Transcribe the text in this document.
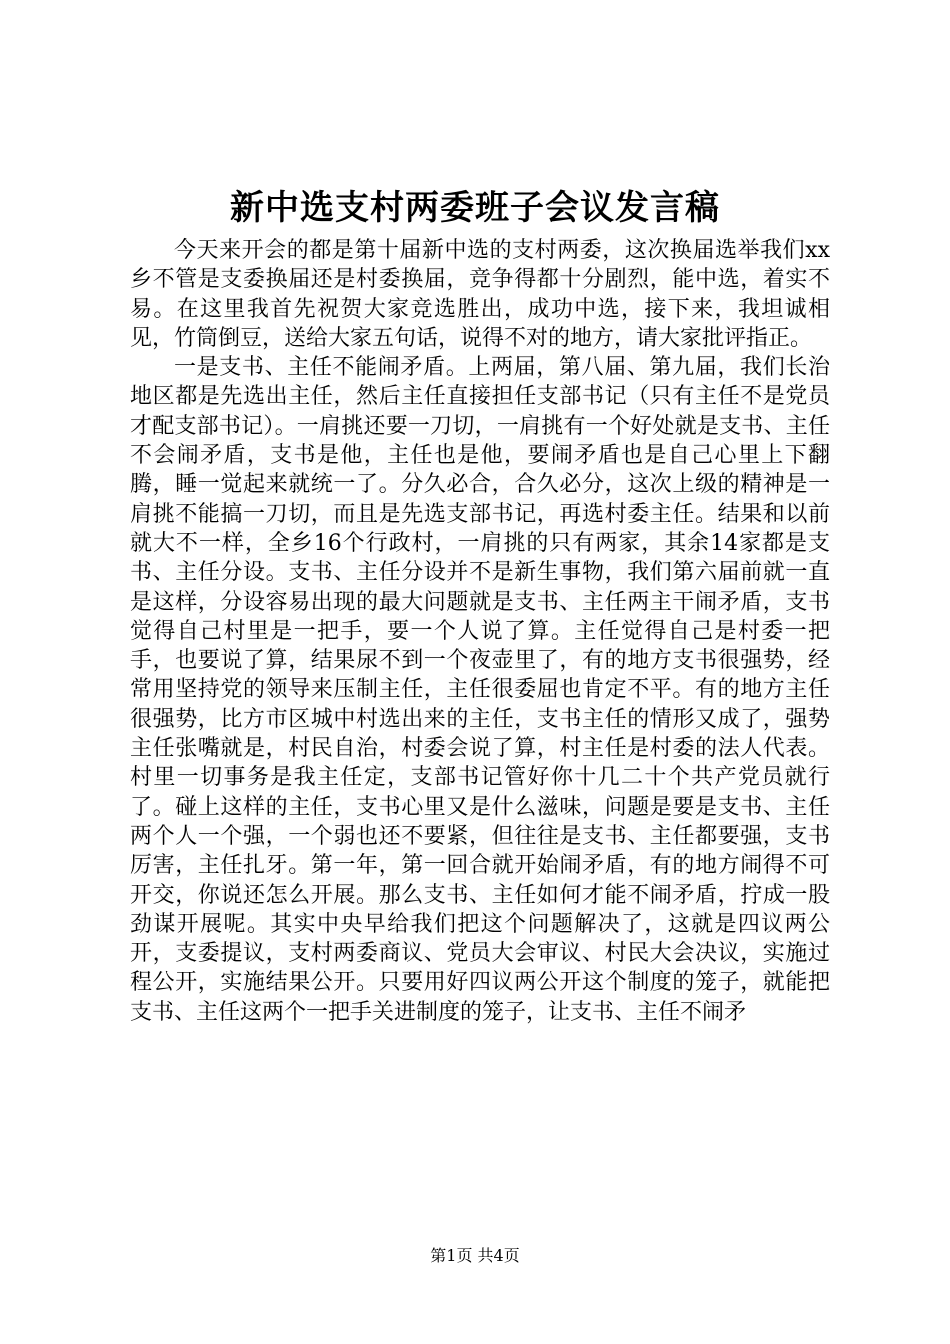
新中选支村两委班子会议发言稿

今天来开会的都是第十届新中选的支村两委，这次换届选举我们xx乡不管是支委换届还是村委换届，竞争得都十分剧烈，能中选，着实不易。在这里我首先祝贺大家竞选胜出，成功中选，接下来，我坦诚相见，竹筒倒豆，送给大家五句话，说得不对的地方，请大家批评指正。

一是支书、主任不能闹矛盾。上两届，第八届、第九届，我们长治地区都是先选出主任，然后主任直接担任支部书记（只有主任不是党员才配支部书记）。一肩挑还要一刀切，一肩挑有一个好处就是支书、主任不会闹矛盾，支书是他，主任也是他，要闹矛盾也是自己心里上下翻腾，睡一觉起来就统一了。分久必合，合久必分，这次上级的精神是一肩挑不能搞一刀切，而且是先选支部书记，再选村委主任。结果和以前就大不一样，全乡16个行政村，一肩挑的只有两家，其余14家都是支书、主任分设。支书、主任分设并不是新生事物，我们第六届前就一直是这样，分设容易出现的最大问题就是支书、主任两主干闹矛盾，支书觉得自己村里是一把手，要一个人说了算。主任觉得自己是村委一把手，也要说了算，结果尿不到一个夜壶里了，有的地方支书很强势，经常用坚持党的领导来压制主任，主任很委屈也肯定不平。有的地方主任很强势，比方市区城中村选出来的主任，支书主任的情形又成了，强势主任张嘴就是，村民自治，村委会说了算，村主任是村委的法人代表。村里一切事务是我主任定，支部书记管好你十几二十个共产党员就行了。碰上这样的主任，支书心里又是什么滋味，问题是要是支书、主任两个人一个强，一个弱也还不要紧，但往往是支书、主任都要强，支书厉害，主任扎牙。第一年，第一回合就开始闹矛盾，有的地方闹得不可开交，你说还怎么开展。那么支书、主任如何才能不闹矛盾，拧成一股劲谋开展呢。其实中央早给我们把这个问题解决了，这就是四议两公开，支委提议，支村两委商议、党员大会审议、村民大会决议，实施过程公开，实施结果公开。只要用好四议两公开这个制度的笼子，就能把支书、主任这两个一把手关进制度的笼子，让支书、主任不闹矛

第1页 共4页
